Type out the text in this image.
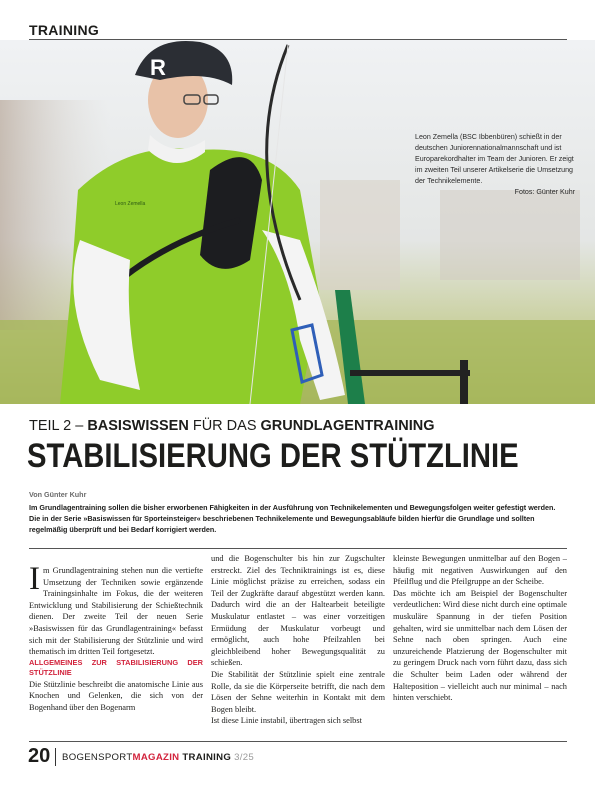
TRAINING
R
Leon Zemella
Leon Zemella (BSC Ibbenbüren) schießt in der deutschen Juniorennationalmannschaft und ist Europarekordhalter im Team der Junioren. Er zeigt im zweiten Teil unserer Artikelserie die Umsetzung der Technikelemente.
Fotos: Günter Kuhr
TEIL 2 – BASISWISSEN FÜR DAS GRUNDLAGENTRAINING
STABILISIERUNG DER STÜTZLINIE
Von Günter Kuhr
Im Grundlagentraining sollen die bisher erworbenen Fähigkeiten in der Ausführung von Technikelementen und Bewegungsfolgen weiter gefestigt werden. Die in der Serie »Basiswissen für Sporteinsteiger« beschriebenen Technikelemente und Bewegungsabläufe bilden hierfür die Grundlage und sollten regelmäßig überprüft und bei Bedarf korrigiert werden.

Im Grundlagentraining stehen nun die vertiefte Umsetzung der Techniken sowie ergänzende Trainingsinhalte im Fokus, die der weiteren Entwicklung und Stabilisierung der Schießtechnik dienen. Der zweite Teil der neuen Serie »Basiswissen für das Grundlagentraining« befasst sich mit der Stabilisierung der Stützlinie und wird thematisch im dritten Teil fortgesetzt.

ALLGEMEINES ZUR STABILISIERUNG DER STÜTZLINIE

Die Stützlinie beschreibt die anatomische Linie aus Knochen und Gelenken, die sich von der Bogenhand über den Bogenarm

und die Bogenschulter bis hin zur Zugschulter erstreckt. Ziel des Techniktrainings ist es, diese Linie möglichst präzise zu erreichen, sodass ein Teil der Zugkräfte darauf abgestützt werden kann. Dadurch wird die an der Haltearbeit beteiligte Muskulatur entlastet – was einer vorzeitigen Ermüdung der Muskulatur vorbeugt und ermöglicht, auch hohe Pfeilzahlen bei gleichbleibend hoher Bewegungsqualität zu schießen.

Die Stabilität der Stützlinie spielt eine zentrale Rolle, da sie die Körperseite betrifft, die nach dem Lösen der Sehne weiterhin in Kontakt mit dem Bogen bleibt.

Ist diese Linie instabil, übertragen sich selbst

kleinste Bewegungen unmittelbar auf den Bogen – häufig mit negativen Auswirkungen auf den Pfeilflug und die Pfeilgruppe an der Scheibe.

Das möchte ich am Beispiel der Bogenschulter verdeutlichen: Wird diese nicht durch eine optimale muskuläre Spannung in der tiefen Position gehalten, wird sie unmittelbar nach dem Lösen der Sehne nach oben springen. Auch eine unzureichende Platzierung der Bogenschulter mit zu geringem Druck nach vorn führt dazu, dass sich die Schulter beim Laden oder während der Halteposition – vielleicht auch nur minimal – nach hinten verschiebt.

20 BOGENSPORTMAGAZIN TRAINING 3/25
